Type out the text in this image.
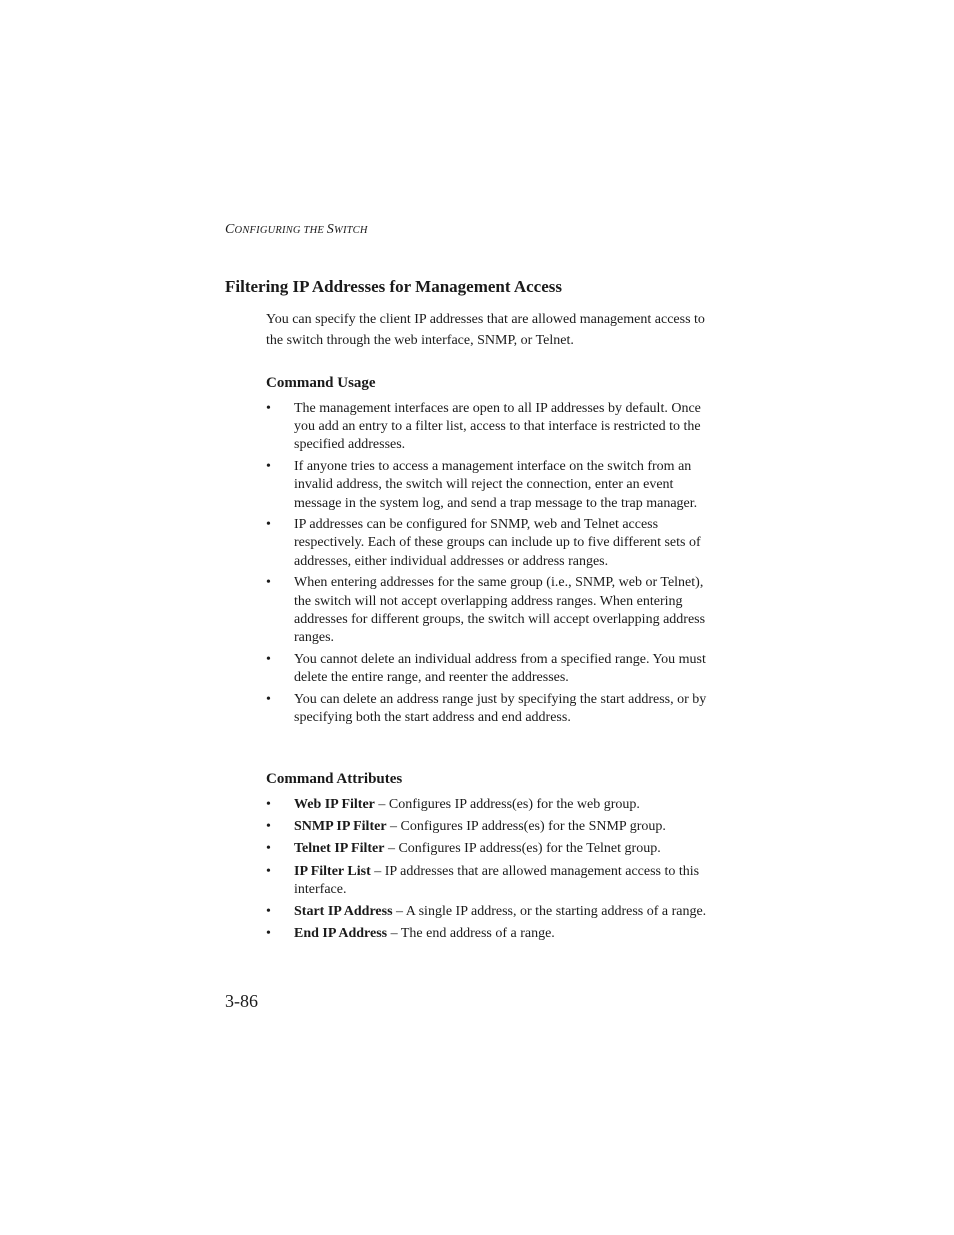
CONFIGURING THE SWITCH
Filtering IP Addresses for Management Access

You can specify the client IP addresses that are allowed management access to the switch through the web interface, SNMP, or Telnet.

Command Usage
• The management interfaces are open to all IP addresses by default. Once you add an entry to a filter list, access to that interface is restricted to the specified addresses.
• If anyone tries to access a management interface on the switch from an invalid address, the switch will reject the connection, enter an event message in the system log, and send a trap message to the trap manager.
• IP addresses can be configured for SNMP, web and Telnet access respectively. Each of these groups can include up to five different sets of addresses, either individual addresses or address ranges.
• When entering addresses for the same group (i.e., SNMP, web or Telnet), the switch will not accept overlapping address ranges. When entering addresses for different groups, the switch will accept overlapping address ranges.
• You cannot delete an individual address from a specified range. You must delete the entire range, and reenter the addresses.
• You can delete an address range just by specifying the start address, or by specifying both the start address and end address.
Command Attributes
• Web IP Filter – Configures IP address(es) for the web group.
• SNMP IP Filter – Configures IP address(es) for the SNMP group.
• Telnet IP Filter – Configures IP address(es) for the Telnet group.
• IP Filter List – IP addresses that are allowed management access to this interface.
• Start IP Address – A single IP address, or the starting address of a range.
• End IP Address – The end address of a range.
3-86
